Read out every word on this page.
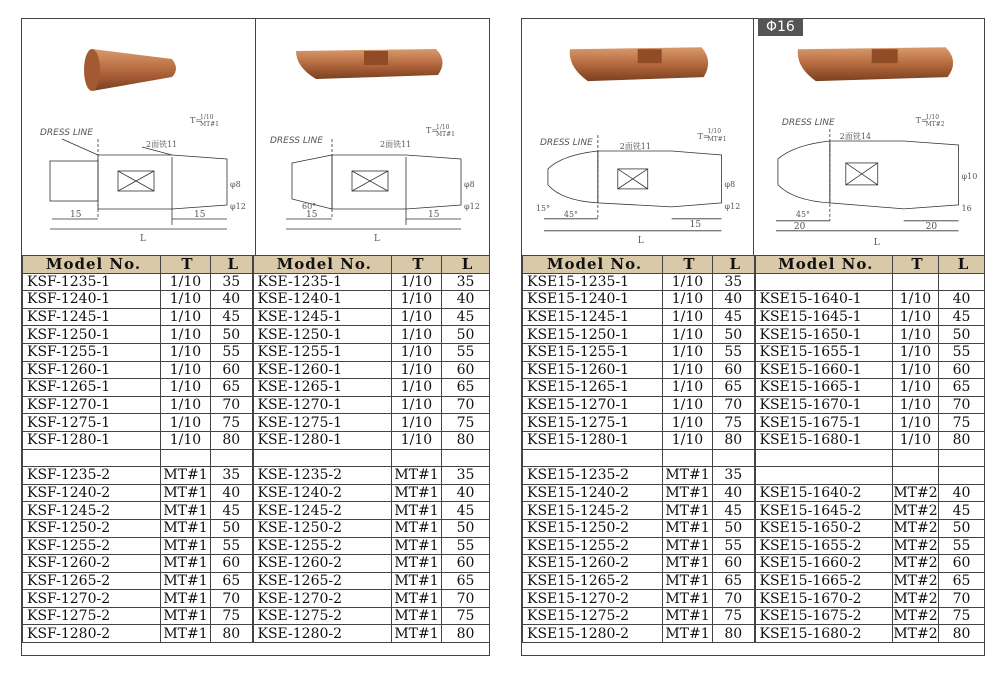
DRESS LINE
2面铣11
T=
1/10
MT#1
15	15
L
φ8
φ12
DRESS LINE	2面铣11
T=
1/10
MT#1
15	15
L
60°
φ8
φ12
Model No.	T	L	Model No.	T	L
KSF-1235-1	1/10	35	KSE-1235-1	1/10	35
KSF-1240-1	1/10	40	KSE-1240-1	1/10	40
KSF-1245-1	1/10	45	KSE-1245-1	1/10	45
KSF-1250-1	1/10	50	KSE-1250-1	1/10	50
KSF-1255-1	1/10	55	KSE-1255-1	1/10	55
KSF-1260-1	1/10	60	KSE-1260-1	1/10	60
KSF-1265-1	1/10	65	KSE-1265-1	1/10	65
KSF-1270-1	1/10	70	KSE-1270-1	1/10	70
KSF-1275-1	1/10	75	KSE-1275-1	1/10	75
KSF-1280-1	1/10	80	KSE-1280-1	1/10	80

KSF-1235-2	MT#1	35	KSE-1235-2	MT#1	35
KSF-1240-2	MT#1	40	KSE-1240-2	MT#1	40
KSF-1245-2	MT#1	45	KSE-1245-2	MT#1	45
KSF-1250-2	MT#1	50	KSE-1250-2	MT#1	50
KSF-1255-2	MT#1	55	KSE-1255-2	MT#1	55
KSF-1260-2	MT#1	60	KSE-1260-2	MT#1	60
KSF-1265-2	MT#1	65	KSE-1265-2	MT#1	65
KSF-1270-2	MT#1	70	KSE-1270-2	MT#1	70
KSF-1275-2	MT#1	75	KSE-1275-2	MT#1	75
KSF-1280-2	MT#1	80	KSE-1280-2	MT#1	80
DRESS LINE	2面铣11
T=
1/10
MT#1
45°
15°
15
L
φ8
φ12
DRESS LINE
2面铣14
T=
1/10
MT#2
45°
20	20
L
φ10
16
Φ16
Model No.	T	L	Model No.	T	L
KSE15-1235-1	1/10	35			
KSE15-1240-1	1/10	40	KSE15-1640-1	1/10	40
KSE15-1245-1	1/10	45	KSE15-1645-1	1/10	45
KSE15-1250-1	1/10	50	KSE15-1650-1	1/10	50
KSE15-1255-1	1/10	55	KSE15-1655-1	1/10	55
KSE15-1260-1	1/10	60	KSE15-1660-1	1/10	60
KSE15-1265-1	1/10	65	KSE15-1665-1	1/10	65
KSE15-1270-1	1/10	70	KSE15-1670-1	1/10	70
KSE15-1275-1	1/10	75	KSE15-1675-1	1/10	75
KSE15-1280-1	1/10	80	KSE15-1680-1	1/10	80

KSE15-1235-2	MT#1	35			
KSE15-1240-2	MT#1	40	KSE15-1640-2	MT#2	40
KSE15-1245-2	MT#1	45	KSE15-1645-2	MT#2	45
KSE15-1250-2	MT#1	50	KSE15-1650-2	MT#2	50
KSE15-1255-2	MT#1	55	KSE15-1655-2	MT#2	55
KSE15-1260-2	MT#1	60	KSE15-1660-2	MT#2	60
KSE15-1265-2	MT#1	65	KSE15-1665-2	MT#2	65
KSE15-1270-2	MT#1	70	KSE15-1670-2	MT#2	70
KSE15-1275-2	MT#1	75	KSE15-1675-2	MT#2	75
KSE15-1280-2	MT#1	80	KSE15-1680-2	MT#2	80
